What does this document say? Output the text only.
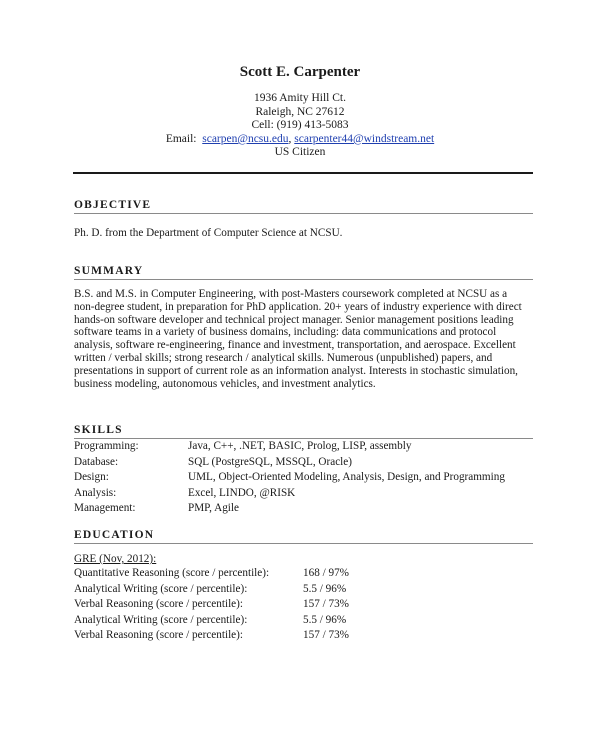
Scott E. Carpenter
1936 Amity Hill Ct.
Raleigh, NC 27612
Cell: (919) 413-5083
Email: scarpen@ncsu.edu, scarpenter44@windstream.net
US Citizen
OBJECTIVE
Ph. D. from the Department of Computer Science at NCSU.
SUMMARY
B.S. and M.S. in Computer Engineering, with post-Masters coursework completed at NCSU as a
non-degree student, in preparation for PhD application. 20+ years of industry experience with direct
hands-on software developer and technical project manager. Senior management positions leading
software teams in a variety of business domains, including: data communications and protocol
analysis, software re-engineering, finance and investment, transportation, and aerospace. Excellent
written / verbal skills; strong research / analytical skills. Numerous (unpublished) papers, and
presentations in support of current role as an information analyst. Interests in stochastic simulation,
business modeling, autonomous vehicles, and investment analytics.
SKILLS
Programming:	Java, C++, .NET, BASIC, Prolog, LISP, assembly
Database:	SQL (PostgreSQL, MSSQL, Oracle)
Design:	UML, Object-Oriented Modeling, Analysis, Design, and Programming
Analysis:	Excel, LINDO, @RISK
Management:	PMP, Agile
EDUCATION
GRE (Nov, 2012):
Quantitative Reasoning (score / percentile):	168 / 97%
Analytical Writing (score / percentile):	5.5 / 96%
Verbal Reasoning (score / percentile):	157 / 73%
Analytical Writing (score / percentile):	5.5 / 96%
Verbal Reasoning (score / percentile):	157 / 73%
